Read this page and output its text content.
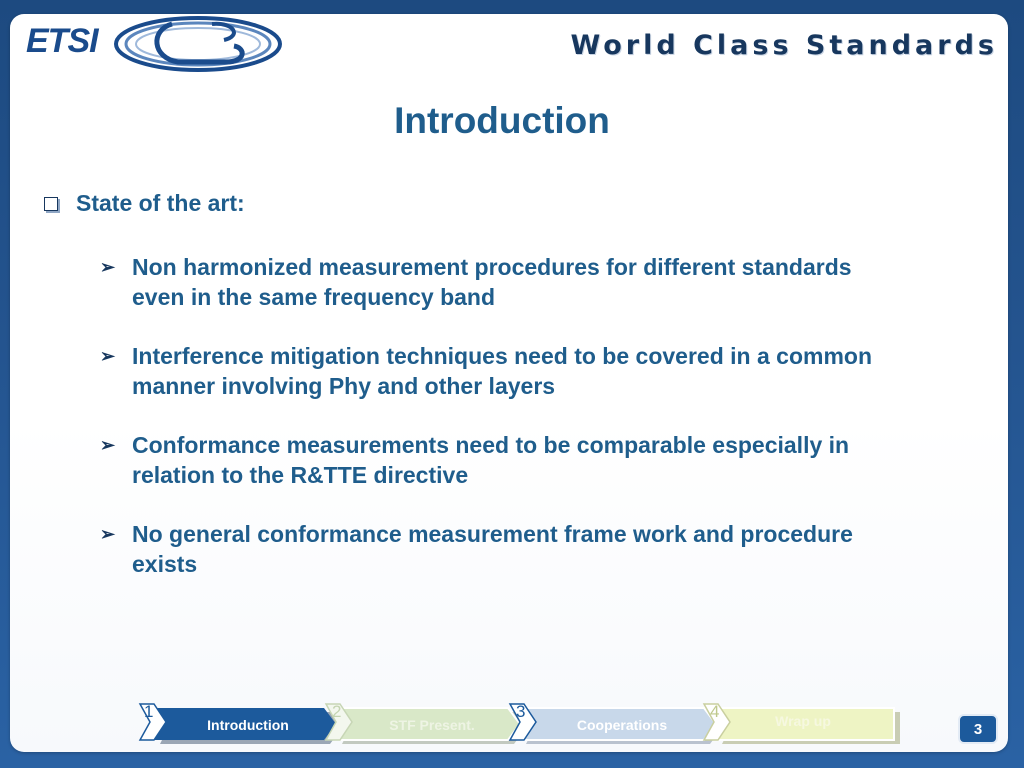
ETSI	World Class Standards
Introduction
State of the art:
➢ Non harmonized measurement procedures for different standards
even in the same frequency band
➢ Interference mitigation techniques need to be covered in a common
manner involving Phy and other layers
➢ Conformance measurements need to be comparable especially in
relation to the R&TTE directive
➢ No general conformance measurement frame work and procedure
exists
1	2	3	4
Introduction	STF Present.	Cooperations	Wrap up	3
